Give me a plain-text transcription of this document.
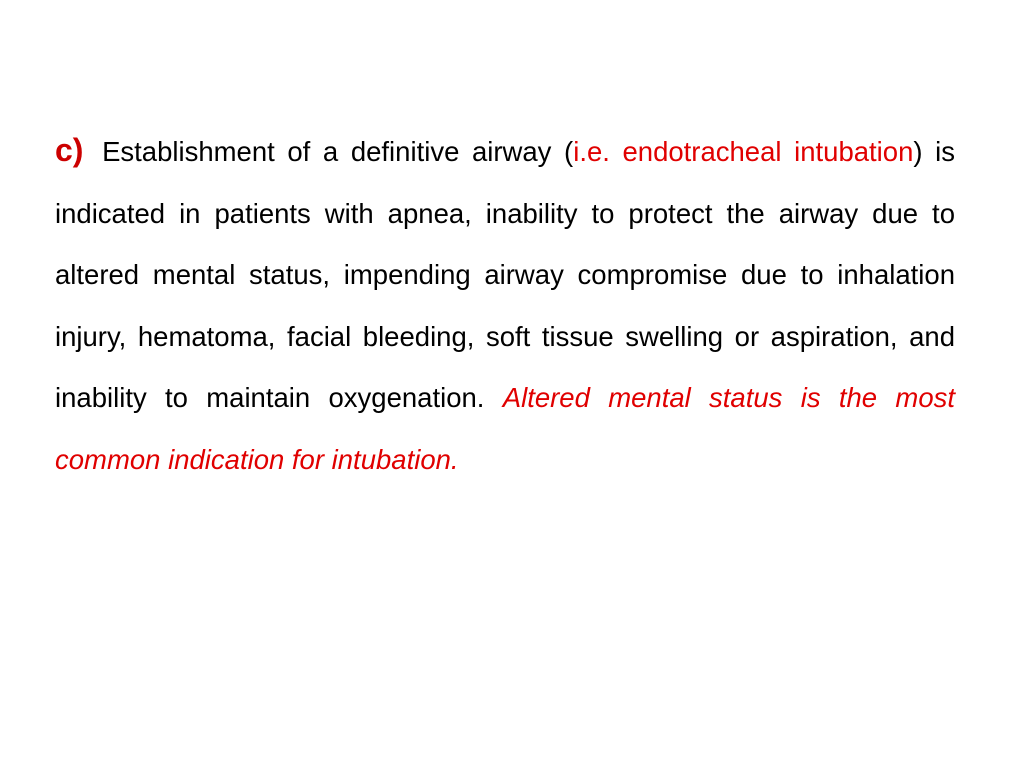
c) Establishment of a definitive airway (i.e. endotracheal intubation) is indicated in patients with apnea, inability to protect the airway due to altered mental status, impending airway compromise due to inhalation injury, hematoma, facial bleeding, soft tissue swelling or aspiration, and inability to maintain oxygenation. Altered mental status is the most common indication for intubation.
